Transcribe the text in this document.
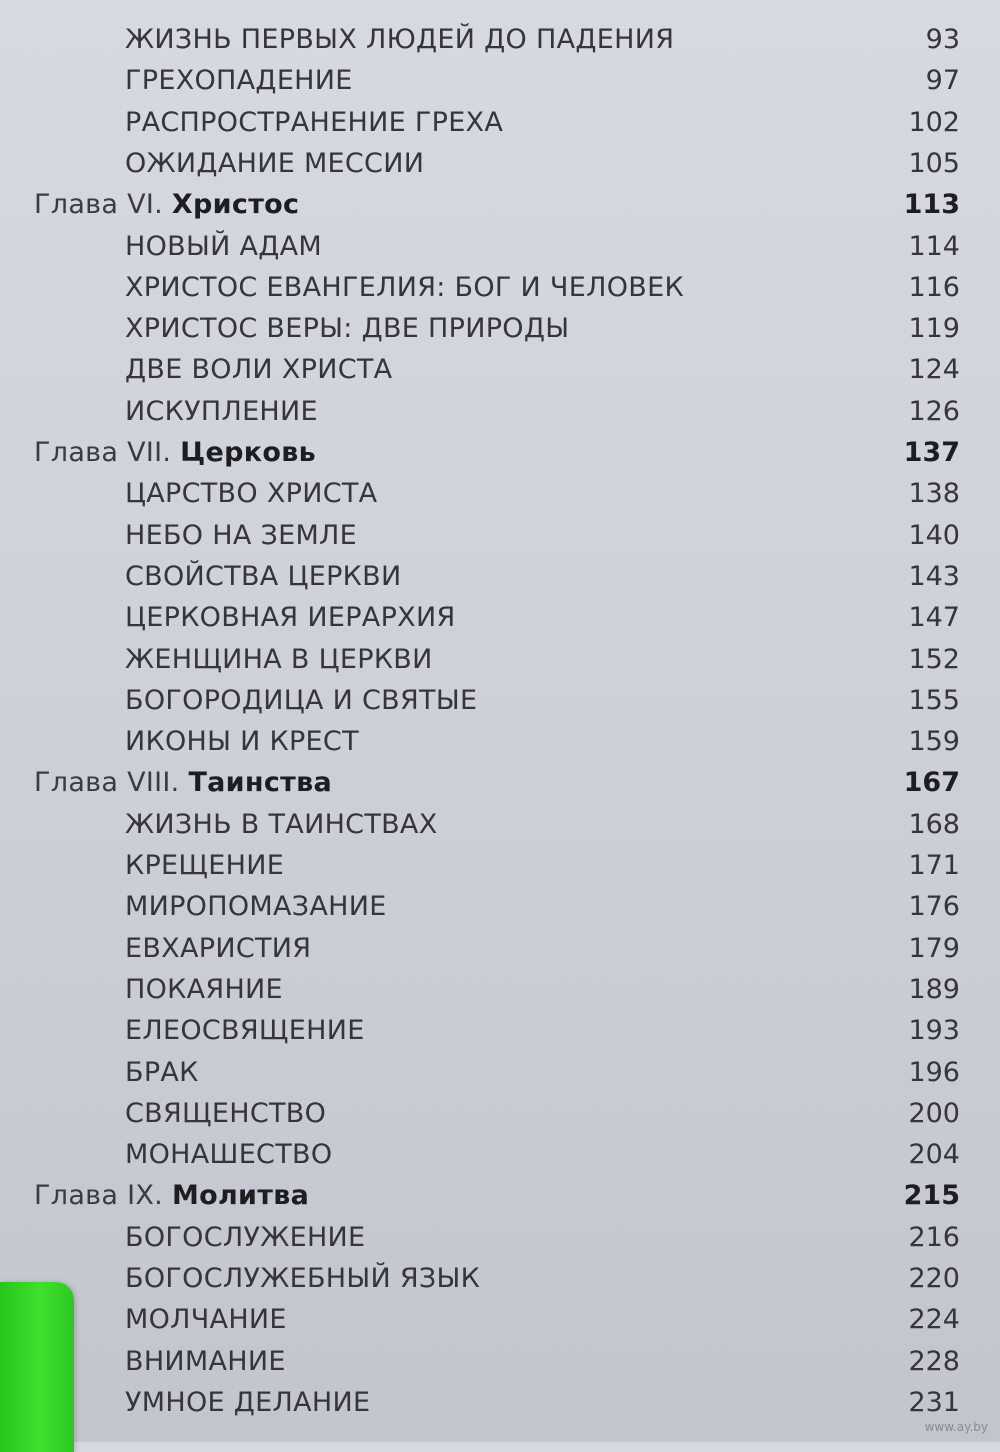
ЖИЗНЬ ПЕРВЫХ ЛЮДЕЙ ДО ПАДЕНИЯ	93
ГРЕХОПАДЕНИЕ	97
РАСПРОСТРАНЕНИЕ ГРЕХА	102
ОЖИДАНИЕ МЕССИИ	105
Глава VI. Христос	113
НОВЫЙ АДАМ	114
ХРИСТОС ЕВАНГЕЛИЯ: БОГ И ЧЕЛОВЕК	116
ХРИСТОС ВЕРЫ: ДВЕ ПРИРОДЫ	119
ДВЕ ВОЛИ ХРИСТА	124
ИСКУПЛЕНИЕ	126
Глава VII. Церковь	137
ЦАРСТВО ХРИСТА	138
НЕБО НА ЗЕМЛЕ	140
СВОЙСТВА ЦЕРКВИ	143
ЦЕРКОВНАЯ ИЕРАРХИЯ	147
ЖЕНЩИНА В ЦЕРКВИ	152
БОГОРОДИЦА И СВЯТЫЕ	155
ИКОНЫ И КРЕСТ	159
Глава VIII. Таинства	167
ЖИЗНЬ В ТАИНСТВАХ	168
КРЕЩЕНИЕ	171
МИРОПОМАЗАНИЕ	176
ЕВХАРИСТИЯ	179
ПОКАЯНИЕ	189
ЕЛЕОСВЯЩЕНИЕ	193
БРАК	196
СВЯЩЕНСТВО	200
МОНАШЕСТВО	204
Глава IX. Молитва	215
БОГОСЛУЖЕНИЕ	216
БОГОСЛУЖЕБНЫЙ ЯЗЫК	220
МОЛЧАНИЕ	224
ВНИМАНИЕ	228
УМНОЕ ДЕЛАНИЕ	231
www.ay.by
